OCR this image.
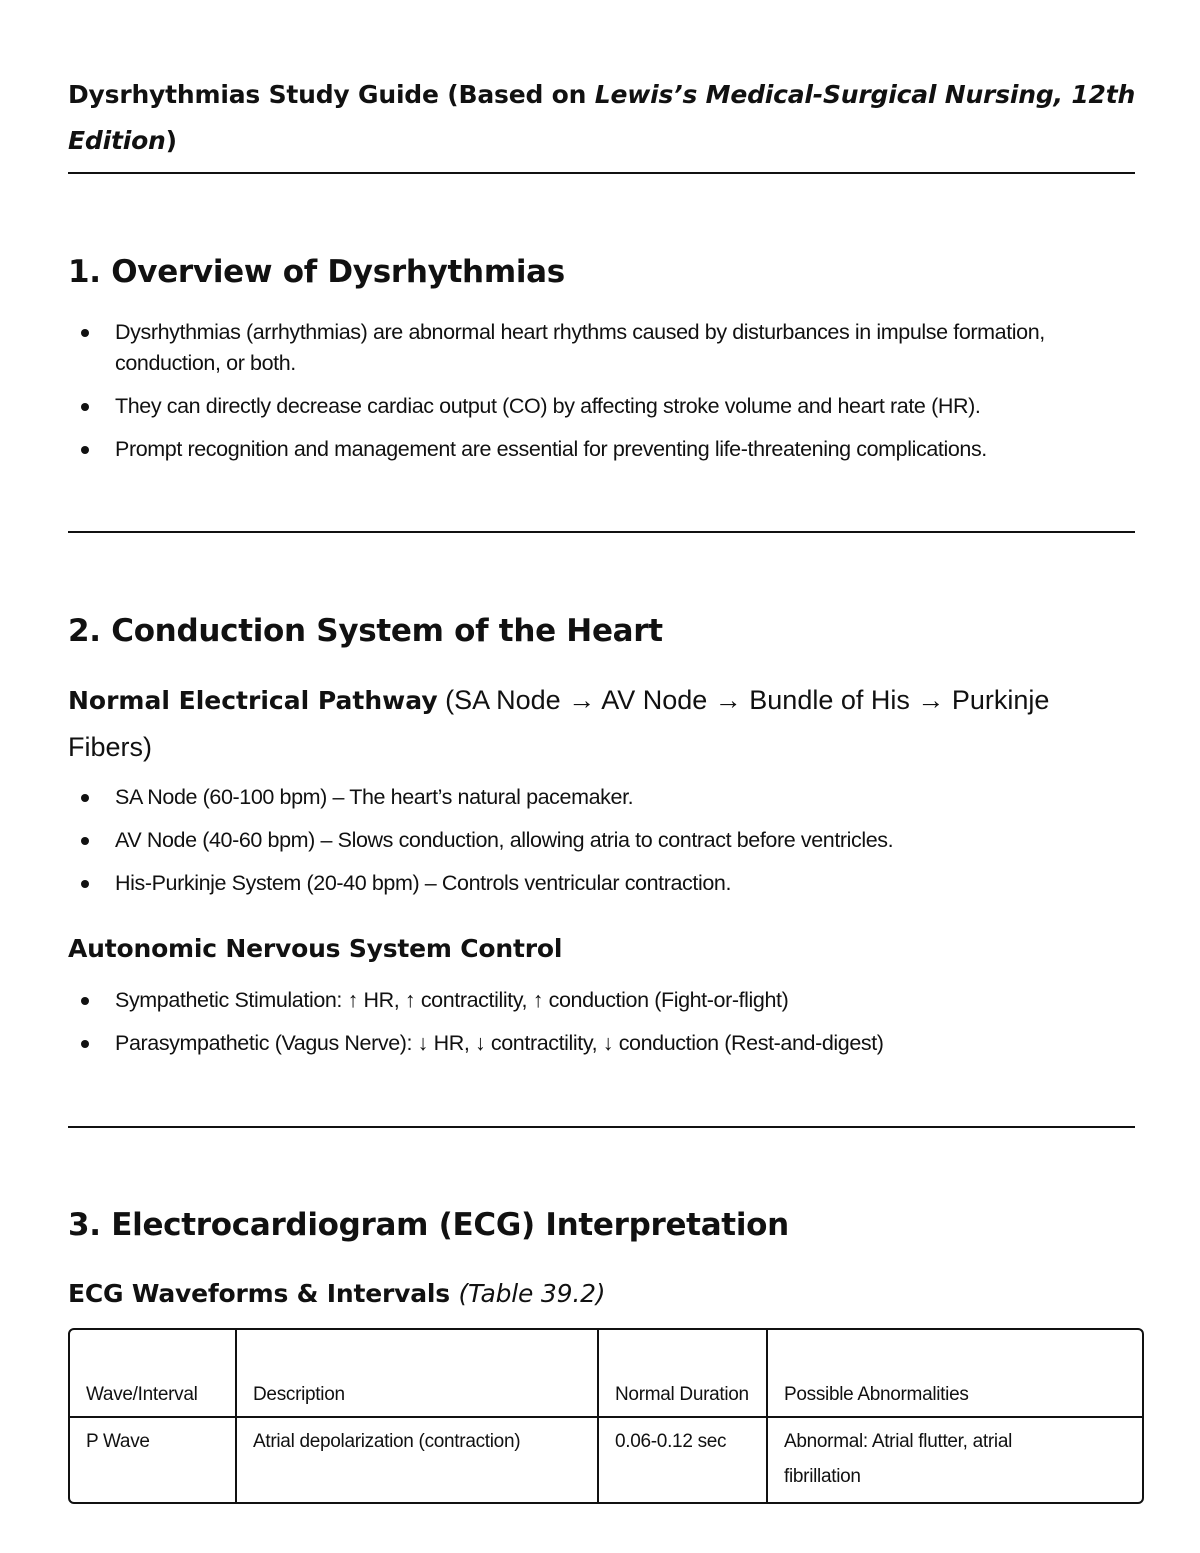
Dysrhythmias Study Guide (Based on Lewis’s Medical-Surgical Nursing, 12th Edition)
1. Overview of Dysrhythmias
Dysrhythmias (arrhythmias) are abnormal heart rhythms caused by disturbances in impulse formation, conduction, or both.
They can directly decrease cardiac output (CO) by affecting stroke volume and heart rate (HR).
Prompt recognition and management are essential for preventing life-threatening complications.
2. Conduction System of the Heart

Normal Electrical Pathway (SA Node → AV Node → Bundle of His → Purkinje Fibers)

SA Node (60-100 bpm) – The heart’s natural pacemaker.
AV Node (40-60 bpm) – Slows conduction, allowing atria to contract before ventricles.
His-Purkinje System (20-40 bpm) – Controls ventricular contraction.
Autonomic Nervous System Control
Sympathetic Stimulation: ↑ HR, ↑ contractility, ↑ conduction (Fight-or-flight)
Parasympathetic (Vagus Nerve): ↓ HR, ↓ contractility, ↓ conduction (Rest-and-digest)
3. Electrocardiogram (ECG) Interpretation
ECG Waveforms & Intervals (Table 39.2)
Wave/Interval	Description	Normal Duration	Possible Abnormalities
P Wave	Atrial depolarization (contraction)	0.06-0.12 sec	Abnormal: Atrial flutter, atrial fibrillation
